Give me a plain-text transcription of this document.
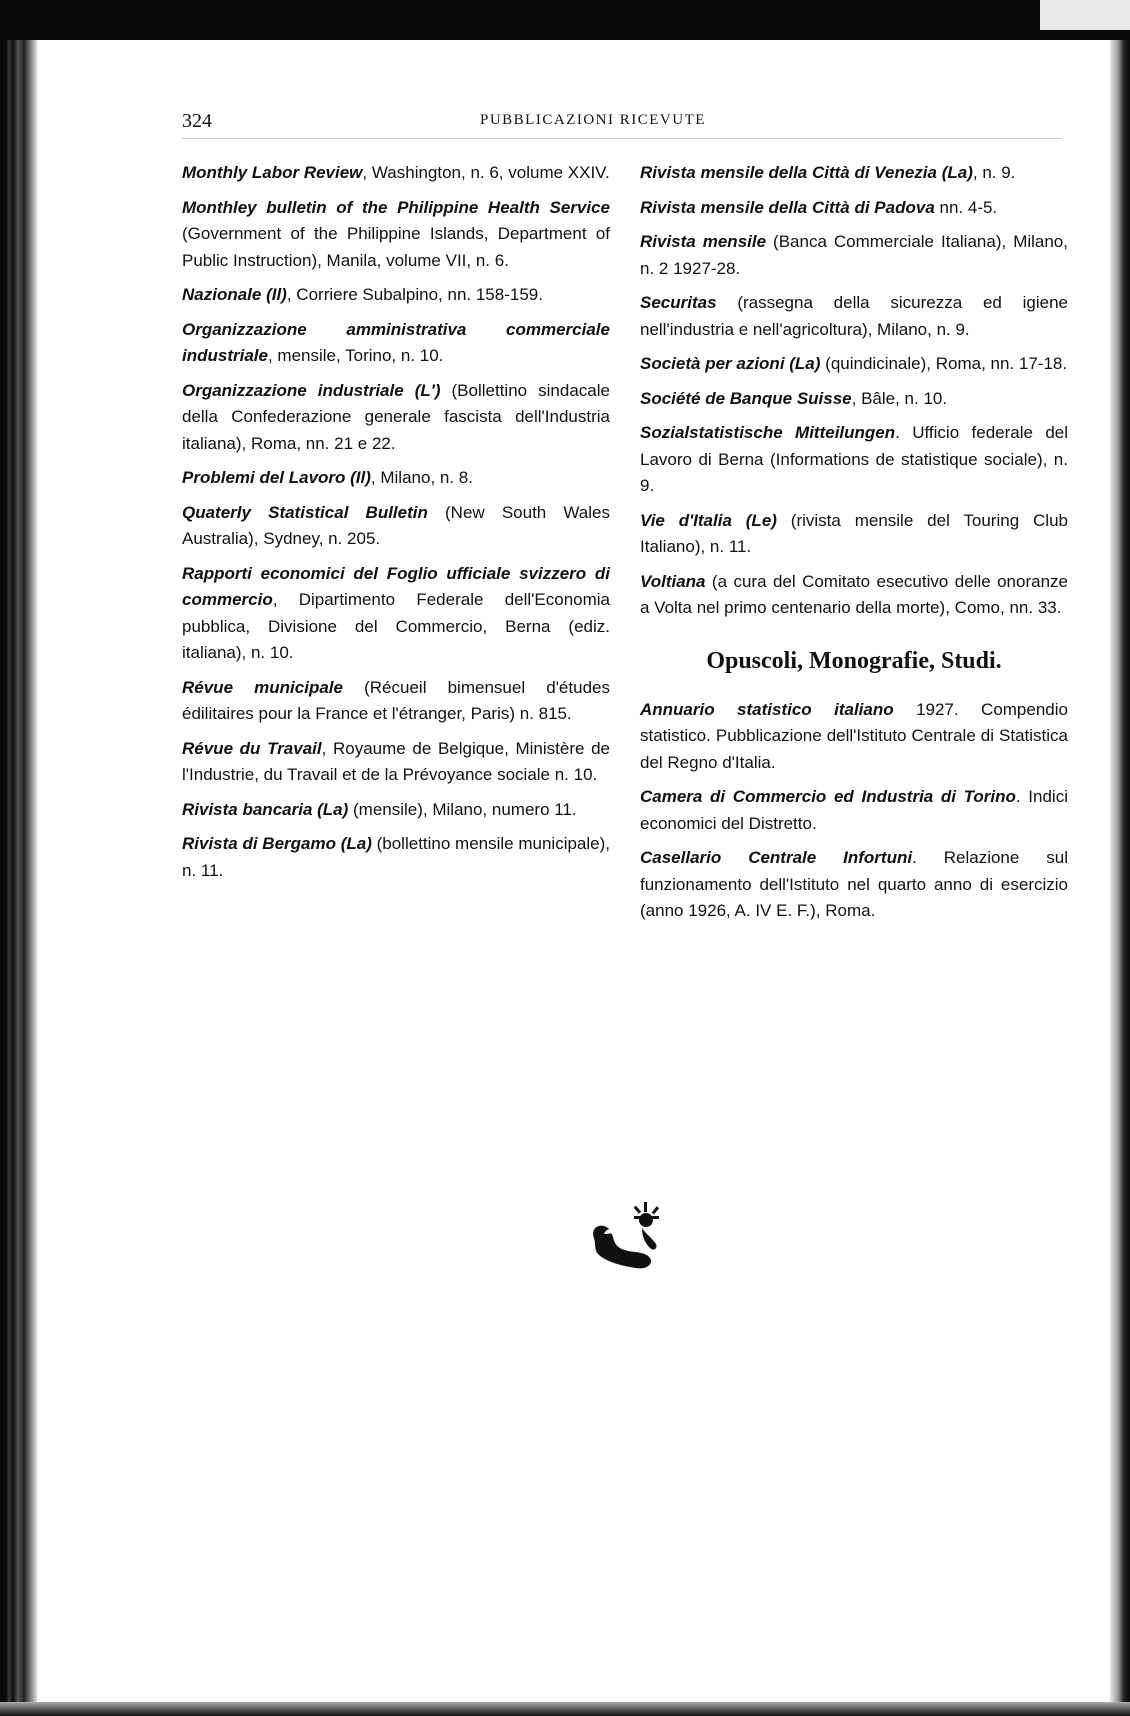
324	PUBBLICAZIONI RICEVUTE

Monthly Labor Review, Washington, n. 6, volume XXIV.

Monthley bulletin of the Philippine Health Service (Government of the Philippine Islands, Department of Public Instruction), Manila, volume VII, n. 6.

Nazionale (Il), Corriere Subalpino, nn. 158-159.

Organizzazione amministrativa commerciale industriale, mensile, Torino, n. 10.

Organizzazione industriale (L') (Bollettino sindacale della Confederazione generale fascista dell'Industria italiana), Roma, nn. 21 e 22.

Problemi del Lavoro (Il), Milano, n. 8.

Quaterly Statistical Bulletin (New South Wales Australia), Sydney, n. 205.

Rapporti economici del Foglio ufficiale svizzero di commercio, Dipartimento Federale dell'Economia pubblica, Divisione del Commercio, Berna (ediz. italiana), n. 10.

Révue municipale (Récueil bimensuel d'études édilitaires pour la France et l'étranger, Paris) n. 815.

Révue du Travail, Royaume de Belgique, Ministère de l'Industrie, du Travail et de la Prévoyance sociale n. 10.

Rivista bancaria (La) (mensile), Milano, numero 11.

Rivista di Bergamo (La) (bollettino mensile municipale), n. 11.

Rivista mensile della Città di Venezia (La), n. 9.

Rivista mensile della Città di Padova nn. 4-5.

Rivista mensile (Banca Commerciale Italiana), Milano, n. 2 1927-28.

Securitas (rassegna della sicurezza ed igiene nell'industria e nell'agricoltura), Milano, n. 9.

Società per azioni (La) (quindicinale), Roma, nn. 17-18.

Société de Banque Suisse, Bâle, n. 10.

Sozialstatistische Mitteilungen. Ufficio federale del Lavoro di Berna (Informations de statistique sociale), n. 9.

Vie d'Italia (Le) (rivista mensile del Touring Club Italiano), n. 11.

Voltiana (a cura del Comitato esecutivo delle onoranze a Volta nel primo centenario della morte), Como, nn. 33.

Opuscoli, Monografie, Studi.

Annuario statistico italiano 1927. Compendio statistico. Pubblicazione dell'Istituto Centrale di Statistica del Regno d'Italia.

Camera di Commercio ed Industria di Torino. Indici economici del Distretto.

Casellario Centrale Infortuni. Relazione sul funzionamento dell'Istituto nel quarto anno di esercizio (anno 1926, A. IV E. F.), Roma.
